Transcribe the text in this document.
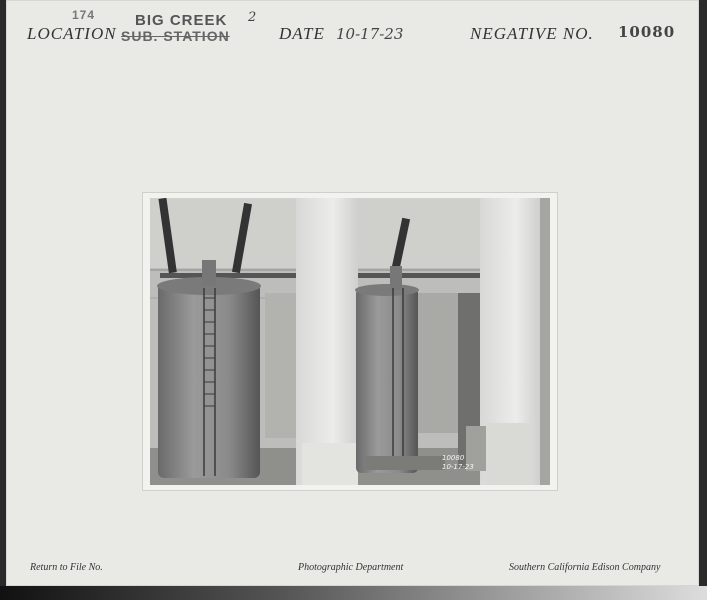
LOCATION
174	BIG CREEK 2
SUB. STATION	DATE 10-17-23	NEGATIVE NO. 10080
10080
10-17-23
Return to File No.	Photographic Department	Southern California Edison Company
